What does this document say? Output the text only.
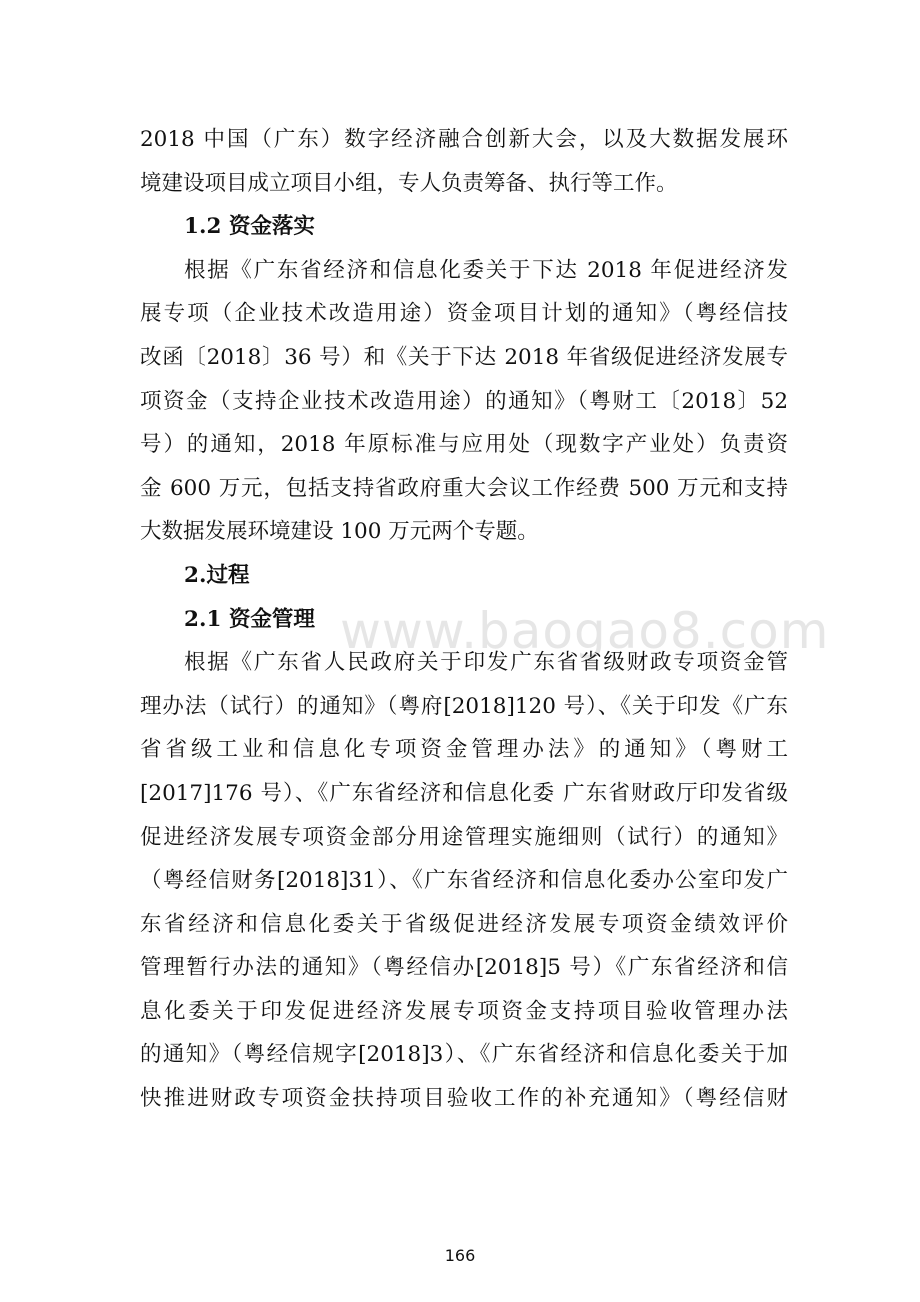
www.baogao8.com
2018 中国（广东）数字经济融合创新大会，以及大数据发展环
境建设项目成立项目小组，专人负责筹备、执行等工作。
1.2 资金落实
根据《广东省经济和信息化委关于下达 2018 年促进经济发
展专项（企业技术改造用途）资金项目计划的通知》（粤经信技
改函〔2018〕36 号）和《关于下达 2018 年省级促进经济发展专
项资金（支持企业技术改造用途）的通知》（粤财工〔2018〕52
号）的通知，2018 年原标准与应用处（现数字产业处）负责资
金 600 万元，包括支持省政府重大会议工作经费 500 万元和支持
大数据发展环境建设 100 万元两个专题。
2.过程
2.1 资金管理
根据《广东省人民政府关于印发广东省省级财政专项资金管
理办法（试行）的通知》（粤府[2018]120 号）、《关于印发《广东
省省级工业和信息化专项资金管理办法》的通知》（粤财工
[2017]176 号）、《广东省经济和信息化委 广东省财政厅印发省级
促进经济发展专项资金部分用途管理实施细则（试行）的通知》
（粤经信财务[2018]31）、《广东省经济和信息化委办公室印发广
东省经济和信息化委关于省级促进经济发展专项资金绩效评价
管理暂行办法的通知》（粤经信办[2018]5 号）《广东省经济和信
息化委关于印发促进经济发展专项资金支持项目验收管理办法
的通知》（粤经信规字[2018]3）、《广东省经济和信息化委关于加
快推进财政专项资金扶持项目验收工作的补充通知》（粤经信财
166
